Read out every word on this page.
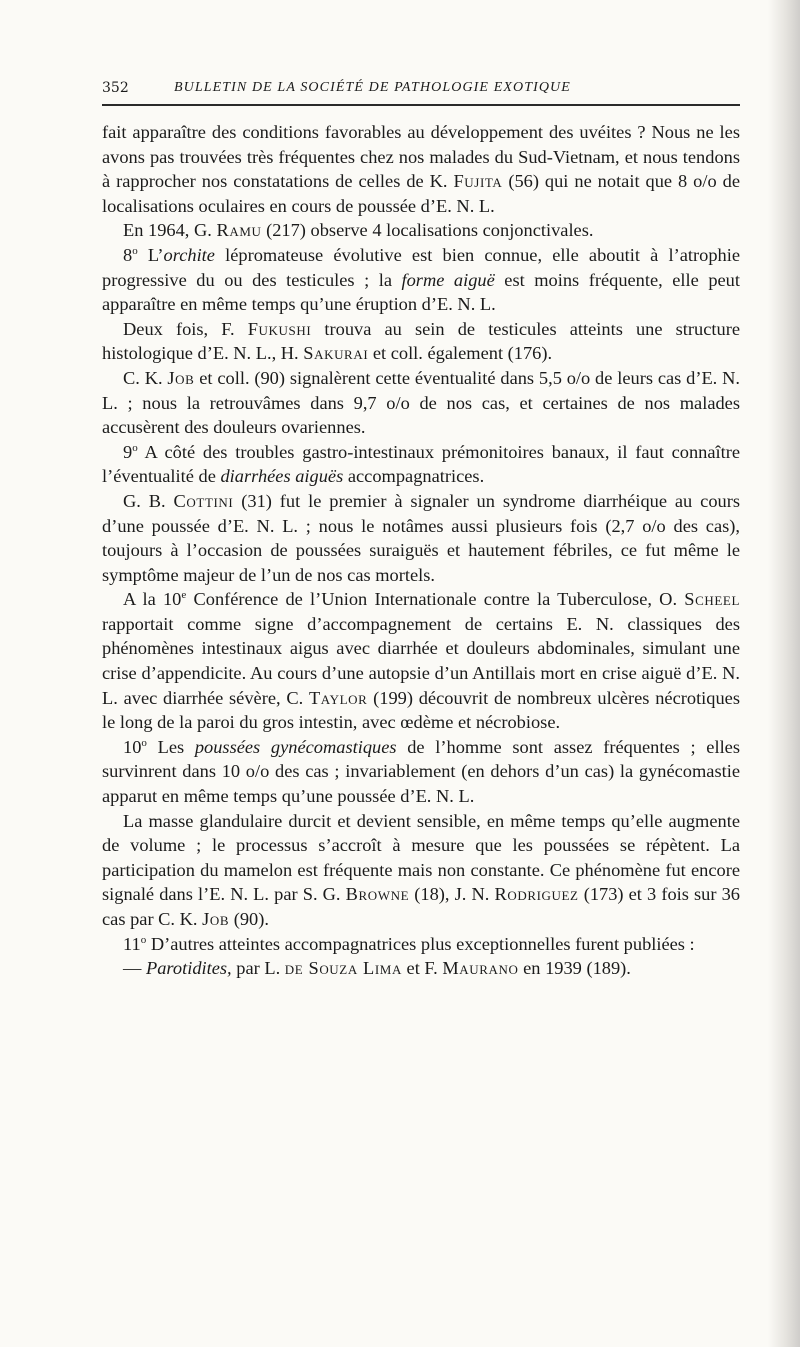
352	BULLETIN DE LA SOCIÉTÉ DE PATHOLOGIE EXOTIQUE

fait apparaître des conditions favorables au développement des uvéites ? Nous ne les avons pas trouvées très fréquentes chez nos malades du Sud-Vietnam, et nous tendons à rapprocher nos constatations de celles de K. Fujita (56) qui ne notait que 8 o/o de localisations oculaires en cours de poussée d’E. N. L.

En 1964, G. Ramu (217) observe 4 localisations conjonctivales.

8$^o$ L’orchite lépromateuse évolutive est bien connue, elle aboutit à l’atrophie progressive du ou des testicules ; la forme aiguë est moins fréquente, elle peut apparaître en même temps qu’une éruption d’E. N. L.

Deux fois, F. Fukushi trouva au sein de testicules atteints une structure histologique d’E. N. L., H. Sakurai et coll. également (176).

C. K. Job et coll. (90) signalèrent cette éventualité dans 5,5 o/o de leurs cas d’E. N. L. ; nous la retrouvâmes dans 9,7 o/o de nos cas, et certaines de nos malades accusèrent des douleurs ovariennes.

9$^o$ A côté des troubles gastro-intestinaux prémonitoires banaux, il faut connaître l’éventualité de diarrhées aiguës accompagnatrices.

G. B. Cottini (31) fut le premier à signaler un syndrome diarrhéique au cours d’une poussée d’E. N. L. ; nous le notâmes aussi plusieurs fois (2,7 o/o des cas), toujours à l’occasion de poussées suraiguës et hautement fébriles, ce fut même le symptôme majeur de l’un de nos cas mortels.

A la 10e Conférence de l’Union Internationale contre la Tuberculose, O. Scheel rapportait comme signe d’accompagnement de certains E. N. classiques des phénomènes intestinaux aigus avec diarrhée et douleurs abdominales, simulant une crise d’appendicite. Au cours d’une autopsie d’un Antillais mort en crise aiguë d’E. N. L. avec diarrhée sévère, C. Taylor (199) découvrit de nombreux ulcères nécrotiques le long de la paroi du gros intestin, avec œdème et nécrobiose.

10$^o$ Les poussées gynécomastiques de l’homme sont assez fréquentes ; elles survinrent dans 10 o/o des cas ; invariablement (en dehors d’un cas) la gynécomastie apparut en même temps qu’une poussée d’E. N. L.

La masse glandulaire durcit et devient sensible, en même temps qu’elle augmente de volume ; le processus s’accroît à mesure que les poussées se répètent. La participation du mamelon est fréquente mais non constante. Ce phénomène fut encore signalé dans l’E. N. L. par S. G. Browne (18), J. N. Rodriguez (173) et 3 fois sur 36 cas par C. K. Job (90).

11$^o$ D’autres atteintes accompagnatrices plus exceptionnelles furent publiées :

— Parotidites, par L. de Souza Lima et F. Maurano en 1939 (189).
